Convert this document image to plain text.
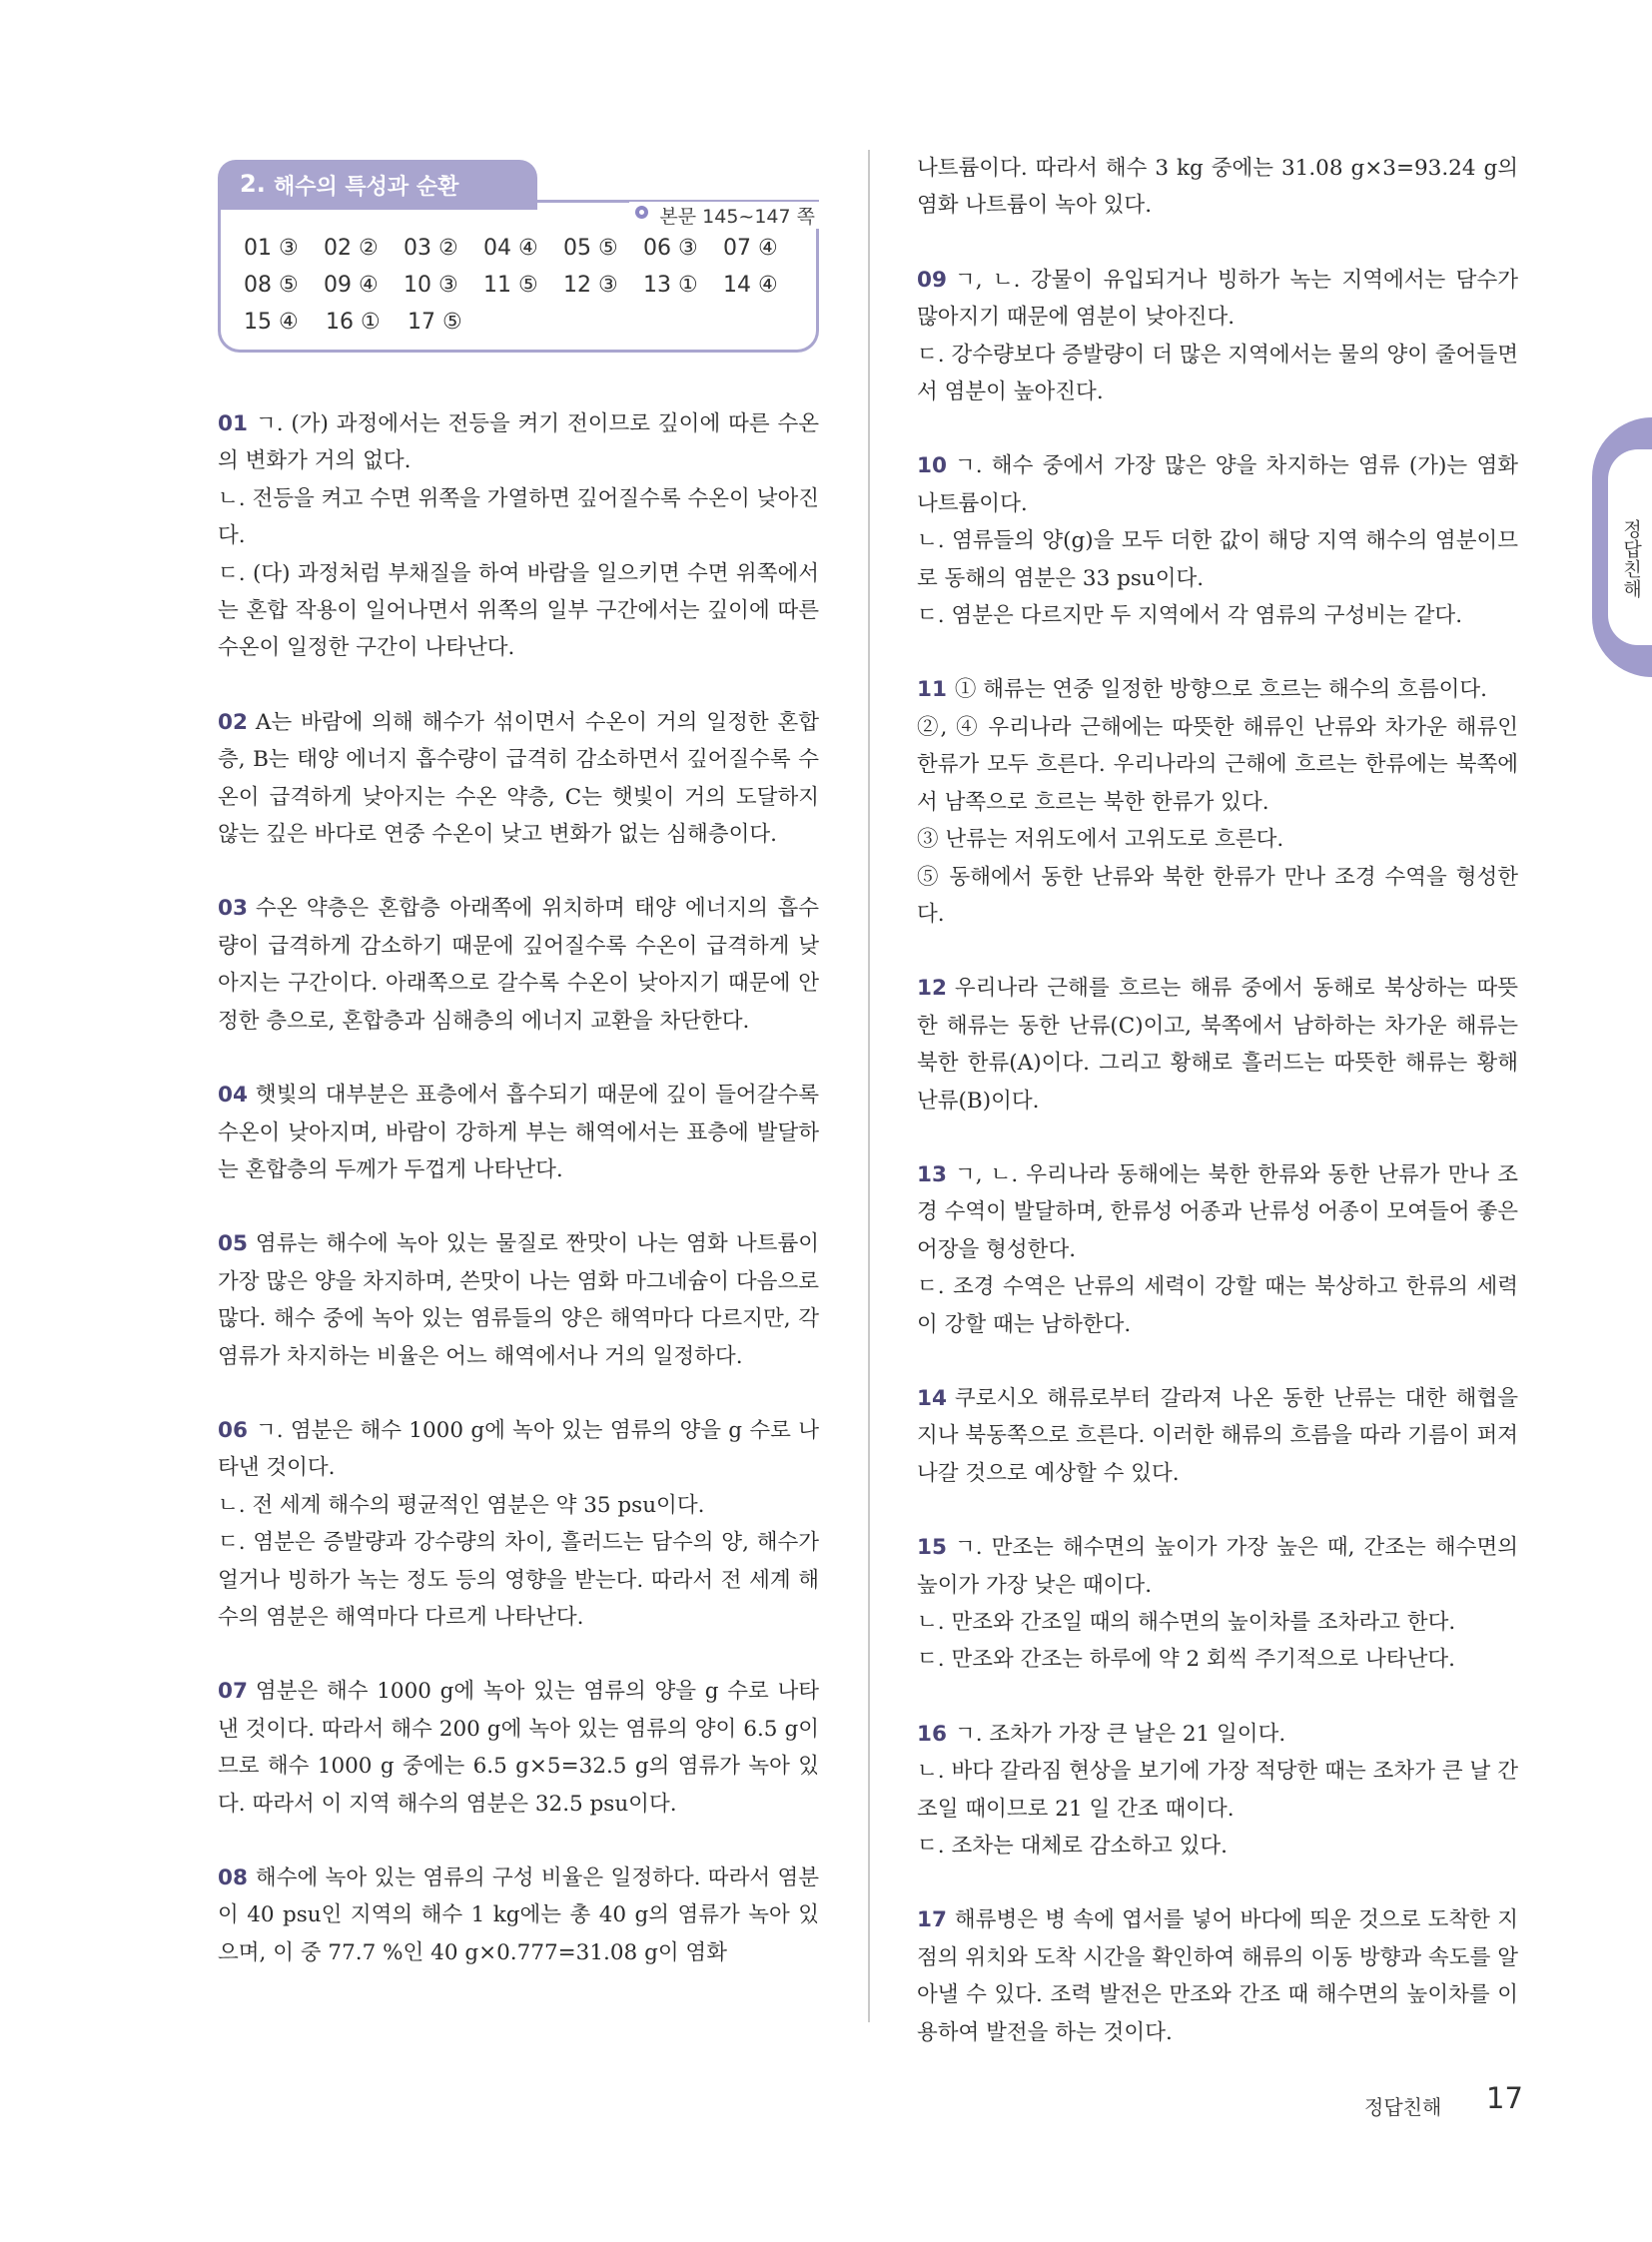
정답친해
2. 해수의 특성과 순환
본문 145~147 쪽
01 ③	02 ②	03 ②	04 ④	05 ⑤	06 ③	07 ④
08 ⑤	09 ④	10 ③	11 ⑤	12 ③	13 ①	14 ④
15 ④	16 ①	17 ⑤

01 ㄱ. (가) 과정에서는 전등을 켜기 전이므로 깊이에 따른 수온의 변화가 거의 없다.

ㄴ. 전등을 켜고 수면 위쪽을 가열하면 깊어질수록 수온이 낮아진다.

ㄷ. (다) 과정처럼 부채질을 하여 바람을 일으키면 수면 위쪽에서는 혼합 작용이 일어나면서 위쪽의 일부 구간에서는 깊이에 따른 수온이 일정한 구간이 나타난다.

02 A는 바람에 의해 해수가 섞이면서 수온이 거의 일정한 혼합층, B는 태양 에너지 흡수량이 급격히 감소하면서 깊어질수록 수온이 급격하게 낮아지는 수온 약층, C는 햇빛이 거의 도달하지 않는 깊은 바다로 연중 수온이 낮고 변화가 없는 심해층이다.

03 수온 약층은 혼합층 아래쪽에 위치하며 태양 에너지의 흡수량이 급격하게 감소하기 때문에 깊어질수록 수온이 급격하게 낮아지는 구간이다. 아래쪽으로 갈수록 수온이 낮아지기 때문에 안정한 층으로, 혼합층과 심해층의 에너지 교환을 차단한다.

04 햇빛의 대부분은 표층에서 흡수되기 때문에 깊이 들어갈수록 수온이 낮아지며, 바람이 강하게 부는 해역에서는 표층에 발달하는 혼합층의 두께가 두껍게 나타난다.

05 염류는 해수에 녹아 있는 물질로 짠맛이 나는 염화 나트륨이 가장 많은 양을 차지하며, 쓴맛이 나는 염화 마그네슘이 다음으로 많다. 해수 중에 녹아 있는 염류들의 양은 해역마다 다르지만, 각 염류가 차지하는 비율은 어느 해역에서나 거의 일정하다.

06 ㄱ. 염분은 해수 1000 g에 녹아 있는 염류의 양을 g 수로 나타낸 것이다.

ㄴ. 전 세계 해수의 평균적인 염분은 약 35 psu이다.

ㄷ. 염분은 증발량과 강수량의 차이, 흘러드는 담수의 양, 해수가 얼거나 빙하가 녹는 정도 등의 영향을 받는다. 따라서 전 세계 해수의 염분은 해역마다 다르게 나타난다.

07 염분은 해수 1000 g에 녹아 있는 염류의 양을 g 수로 나타낸 것이다. 따라서 해수 200 g에 녹아 있는 염류의 양이 6.5 g이므로 해수 1000 g 중에는 6.5 g×5=32.5 g의 염류가 녹아 있다. 따라서 이 지역 해수의 염분은 32.5 psu이다.

08 해수에 녹아 있는 염류의 구성 비율은 일정하다. 따라서 염분이 40 psu인 지역의 해수 1 kg에는 총 40 g의 염류가 녹아 있으며, 이 중 77.7 %인 40 g×0.777=31.08 g이 염화

나트륨이다. 따라서 해수 3 kg 중에는 31.08 g×3=93.24 g의 염화 나트륨이 녹아 있다.

09 ㄱ, ㄴ. 강물이 유입되거나 빙하가 녹는 지역에서는 담수가 많아지기 때문에 염분이 낮아진다.

ㄷ. 강수량보다 증발량이 더 많은 지역에서는 물의 양이 줄어들면서 염분이 높아진다.

10 ㄱ. 해수 중에서 가장 많은 양을 차지하는 염류 (가)는 염화 나트륨이다.

ㄴ. 염류들의 양(g)을 모두 더한 값이 해당 지역 해수의 염분이므로 동해의 염분은 33 psu이다.

ㄷ. 염분은 다르지만 두 지역에서 각 염류의 구성비는 같다.

11 ① 해류는 연중 일정한 방향으로 흐르는 해수의 흐름이다.

②, ④ 우리나라 근해에는 따뜻한 해류인 난류와 차가운 해류인 한류가 모두 흐른다. 우리나라의 근해에 흐르는 한류에는 북쪽에서 남쪽으로 흐르는 북한 한류가 있다.

③ 난류는 저위도에서 고위도로 흐른다.

⑤ 동해에서 동한 난류와 북한 한류가 만나 조경 수역을 형성한다.

12 우리나라 근해를 흐르는 해류 중에서 동해로 북상하는 따뜻한 해류는 동한 난류(C)이고, 북쪽에서 남하하는 차가운 해류는 북한 한류(A)이다. 그리고 황해로 흘러드는 따뜻한 해류는 황해 난류(B)이다.

13 ㄱ, ㄴ. 우리나라 동해에는 북한 한류와 동한 난류가 만나 조경 수역이 발달하며, 한류성 어종과 난류성 어종이 모여들어 좋은 어장을 형성한다.

ㄷ. 조경 수역은 난류의 세력이 강할 때는 북상하고 한류의 세력이 강할 때는 남하한다.

14 쿠로시오 해류로부터 갈라져 나온 동한 난류는 대한 해협을 지나 북동쪽으로 흐른다. 이러한 해류의 흐름을 따라 기름이 퍼져 나갈 것으로 예상할 수 있다.

15 ㄱ. 만조는 해수면의 높이가 가장 높은 때, 간조는 해수면의 높이가 가장 낮은 때이다.

ㄴ. 만조와 간조일 때의 해수면의 높이차를 조차라고 한다.

ㄷ. 만조와 간조는 하루에 약 2 회씩 주기적으로 나타난다.

16 ㄱ. 조차가 가장 큰 날은 21 일이다.

ㄴ. 바다 갈라짐 현상을 보기에 가장 적당한 때는 조차가 큰 날 간조일 때이므로 21 일 간조 때이다.

ㄷ. 조차는 대체로 감소하고 있다.

17 해류병은 병 속에 엽서를 넣어 바다에 띄운 것으로 도착한 지점의 위치와 도착 시간을 확인하여 해류의 이동 방향과 속도를 알아낼 수 있다. 조력 발전은 만조와 간조 때 해수면의 높이차를 이용하여 발전을 하는 것이다.

정답친해 17
